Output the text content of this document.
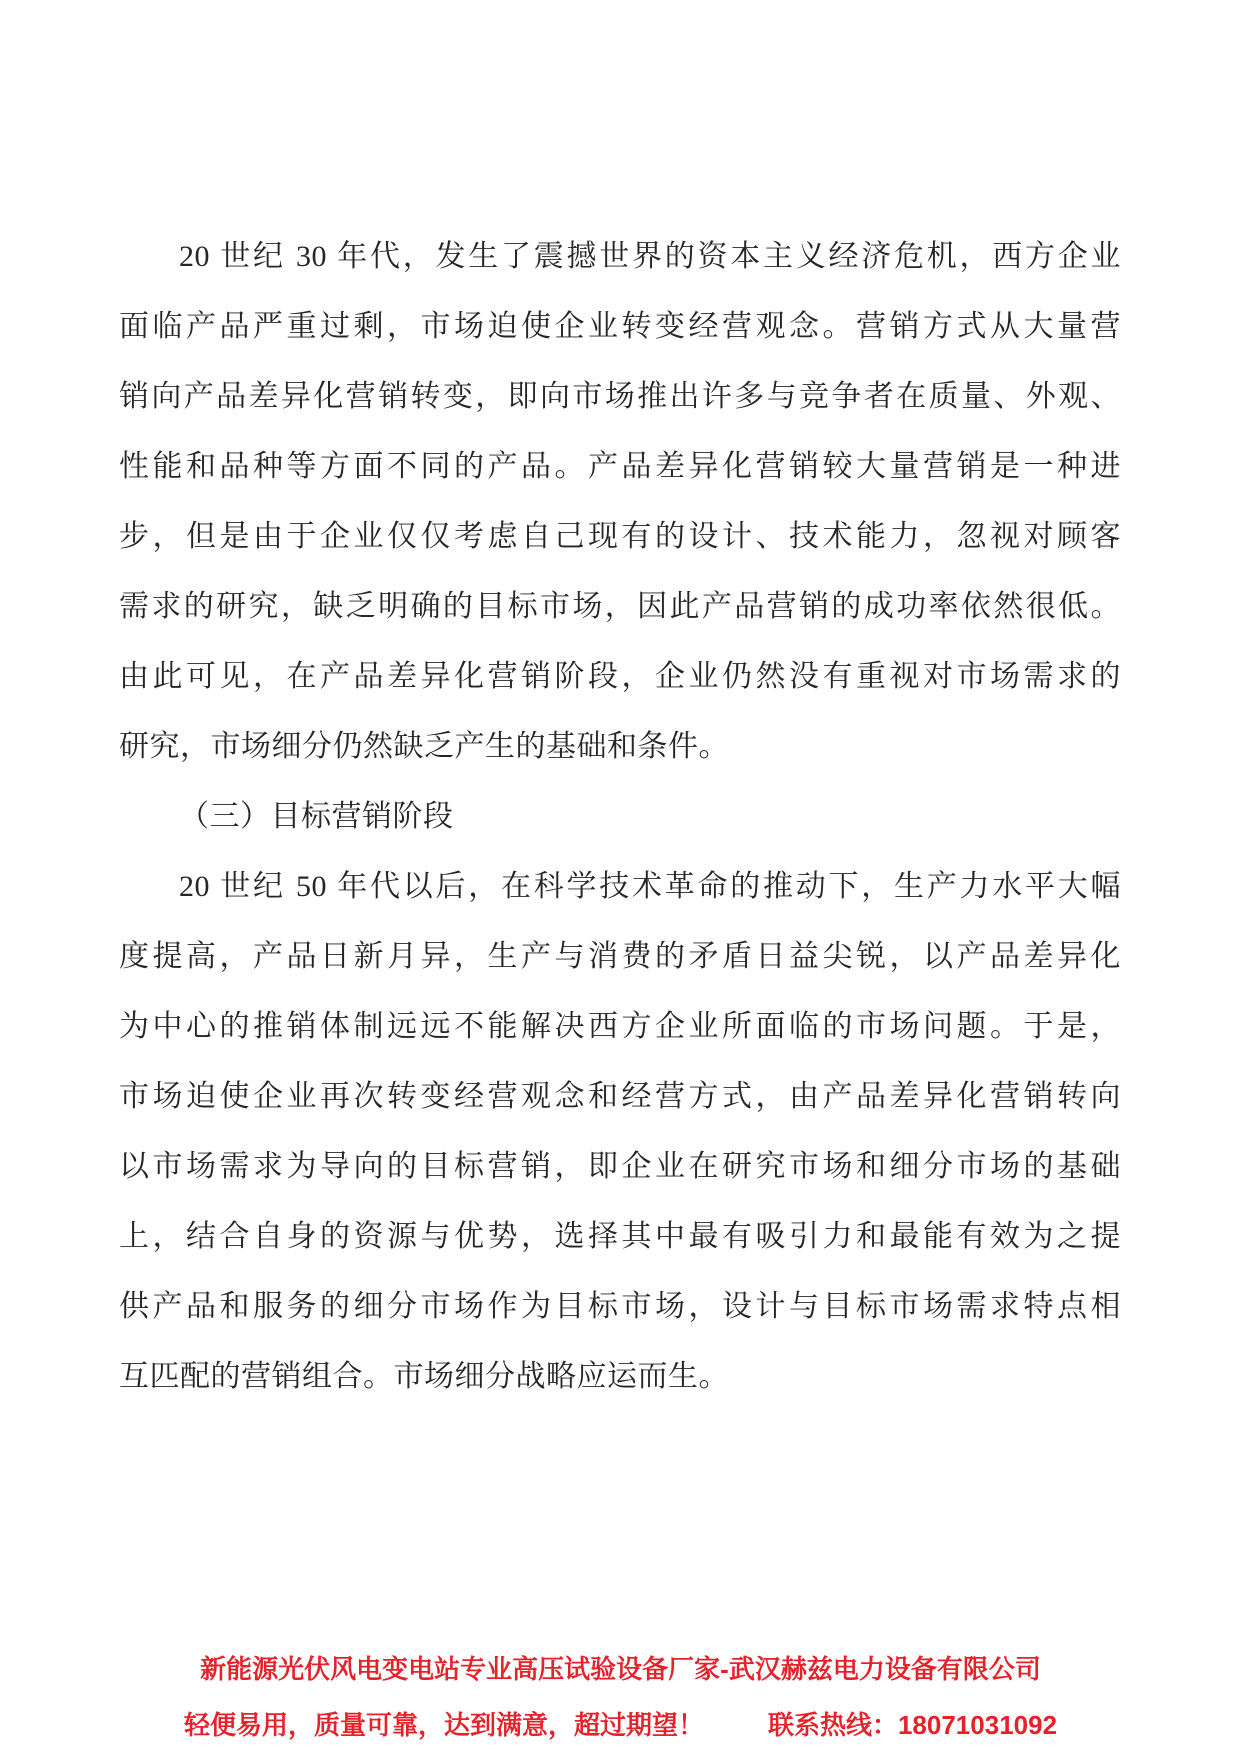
20 世纪 30 年代，发生了震撼世界的资本主义经济危机，西方企业
面临产品严重过剩，市场迫使企业转变经营观念。营销方式从大量营
销向产品差异化营销转变，即向市场推出许多与竞争者在质量、外观、
性能和品种等方面不同的产品。产品差异化营销较大量营销是一种进
步，但是由于企业仅仅考虑自己现有的设计、技术能力，忽视对顾客
需求的研究，缺乏明确的目标市场，因此产品营销的成功率依然很低。
由此可见，在产品差异化营销阶段，企业仍然没有重视对市场需求的
研究，市场细分仍然缺乏产生的基础和条件。
（三）目标营销阶段
20 世纪 50 年代以后，在科学技术革命的推动下，生产力水平大幅
度提高，产品日新月异，生产与消费的矛盾日益尖锐，以产品差异化
为中心的推销体制远远不能解决西方企业所面临的市场问题。于是，
市场迫使企业再次转变经营观念和经营方式，由产品差异化营销转向
以市场需求为导向的目标营销，即企业在研究市场和细分市场的基础
上，结合自身的资源与优势，选择其中最有吸引力和最能有效为之提
供产品和服务的细分市场作为目标市场，设计与目标市场需求特点相
互匹配的营销组合。市场细分战略应运而生。
新能源光伏风电变电站专业高压试验设备厂家-武汉赫兹电力设备有限公司
轻便易用，质量可靠，达到满意，超过期望！ 联系热线：18071031092
